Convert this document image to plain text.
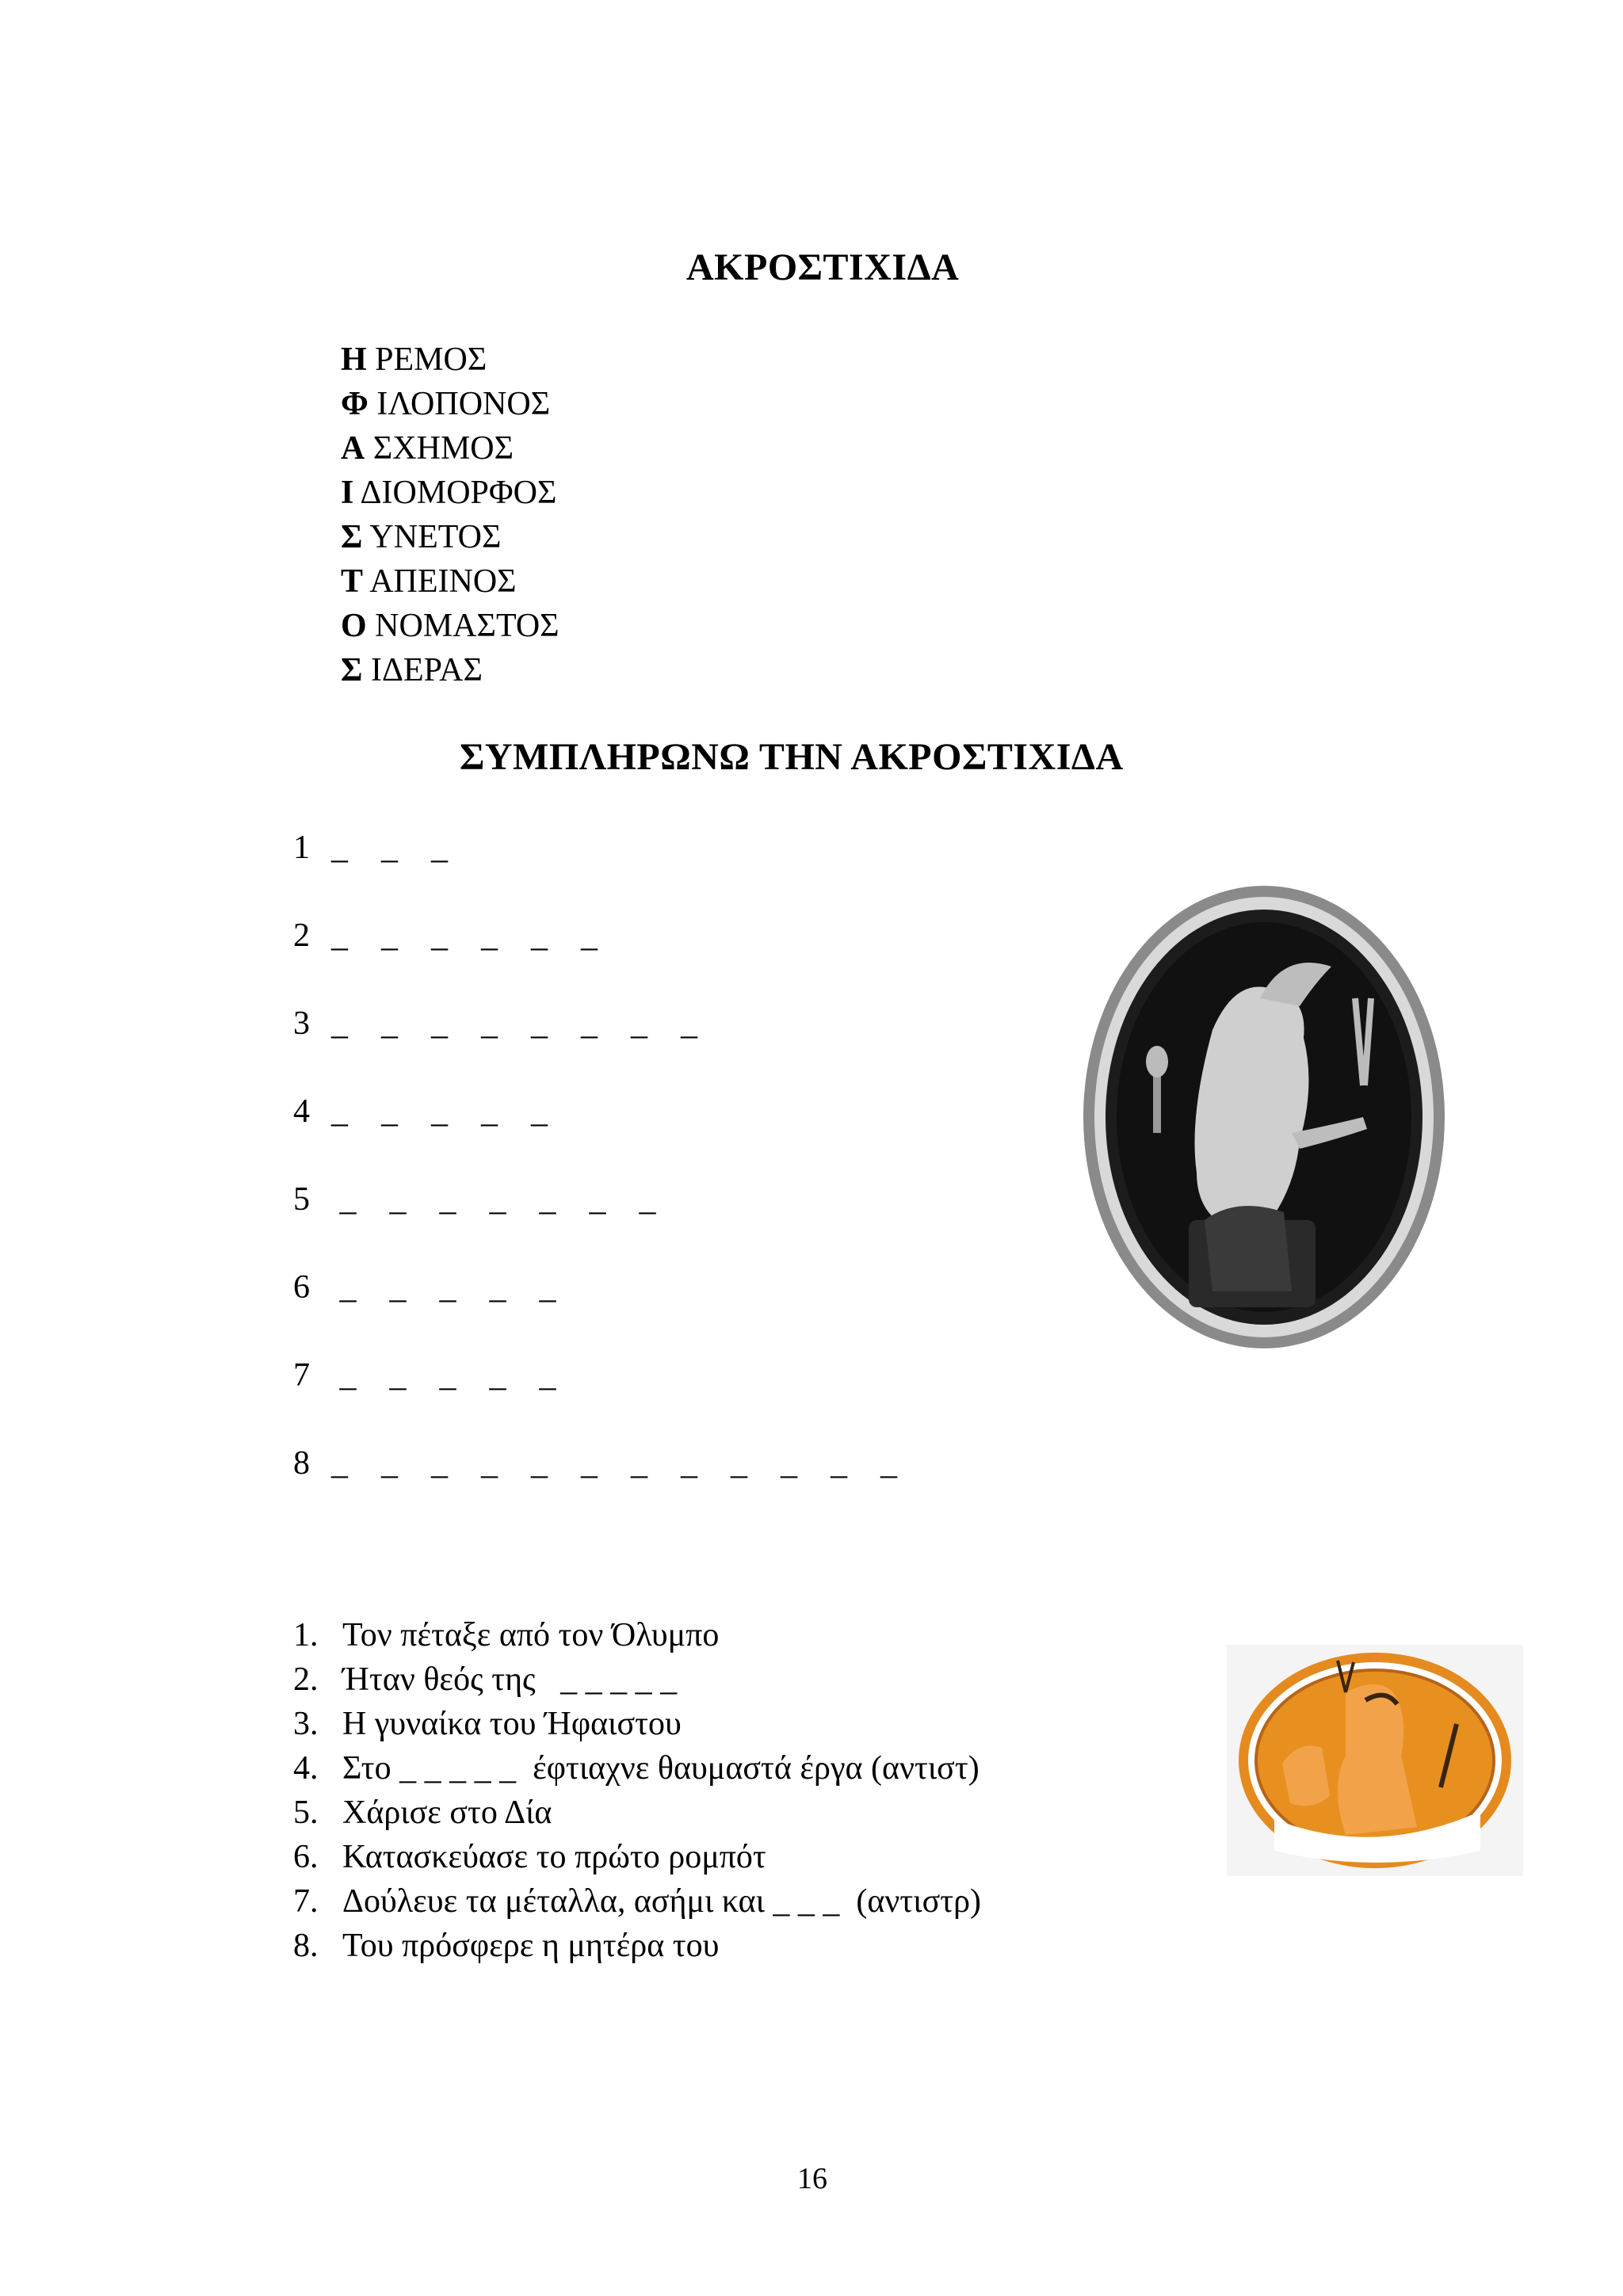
ΑΚΡΟΣΤΙΧΙΔΑ
Η ΡΕΜΟΣ
Φ ΙΛΟΠΟΝΟΣ
Α ΣΧΗΜΟΣ
Ι ΔΙΟΜΟΡΦΟΣ
Σ ΥΝΕΤΟΣ
Τ ΑΠΕΙΝΟΣ
Ο ΝΟΜΑΣΤΟΣ
Σ ΙΔΕΡΑΣ
ΣΥΜΠΛΗΡΩΝΩ ΤΗΝ ΑΚΡΟΣΤΙΧΙΔΑ
1 _    _    _
2 _    _    _    _    _    _
3 _    _    _    _    _    _    _    _
4 _    _    _    _    _
5 _    _    _    _    _    _    _
6 _    _    _    _    _
7 _    _    _    _    _
8 _    _    _    _    _    _    _    _    _    _    _    _
1. Τον πέταξε από τον Όλυμπο
2. Ήταν θεός της   _ _ _ _ _
3. Η γυναίκα του Ήφαιστου
4. Στο _ _ _ _ _  έφτιαχνε θαυμαστά έργα (αντιστ)
5. Χάρισε στο Δία
6. Κατασκεύασε το πρώτο ρομπότ
7. Δούλευε τα μέταλλα, ασήμι και _ _ _  (αντιστρ)
8. Του πρόσφερε η μητέρα του
16
